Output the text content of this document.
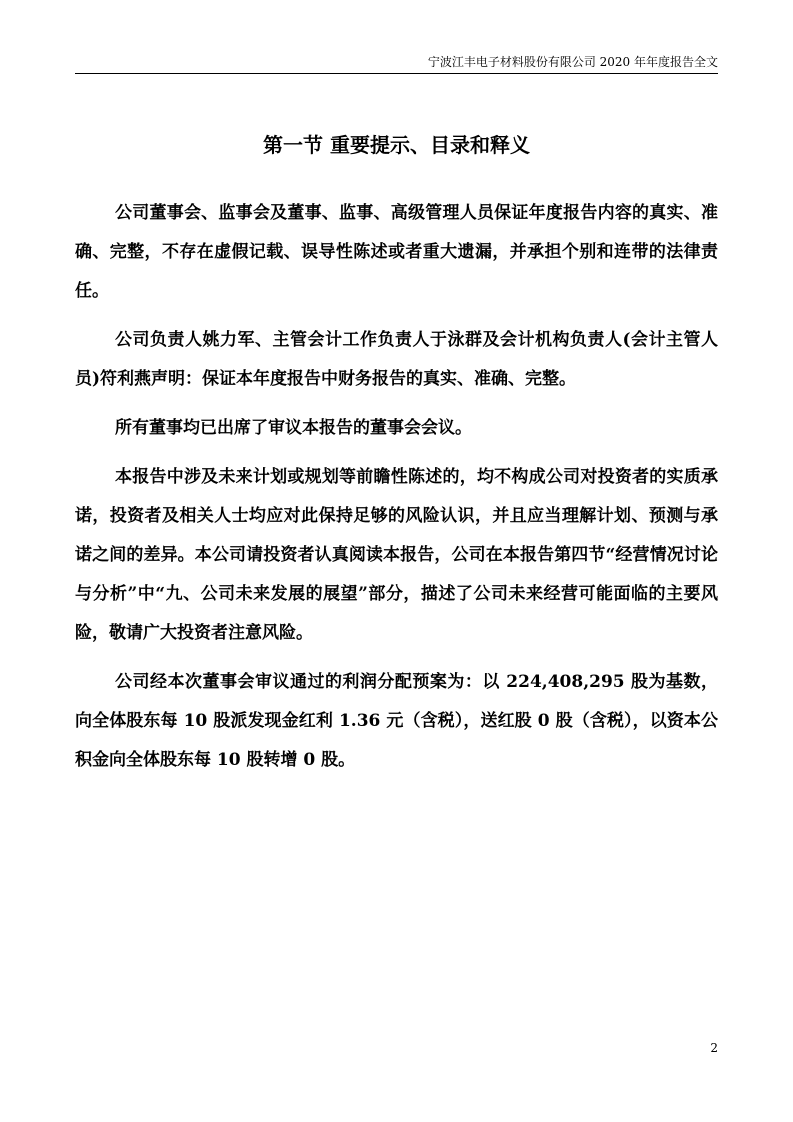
宁波江丰电子材料股份有限公司 2020 年年度报告全文
第一节 重要提示、目录和释义

公司董事会、监事会及董事、监事、高级管理人员保证年度报告内容的真实、准确、完整，不存在虚假记载、误导性陈述或者重大遗漏，并承担个别和连带的法律责任。

公司负责人姚力军、主管会计工作负责人于泳群及会计机构负责人(会计主管人员)符利燕声明：保证本年度报告中财务报告的真实、准确、完整。

所有董事均已出席了审议本报告的董事会会议。

本报告中涉及未来计划或规划等前瞻性陈述的，均不构成公司对投资者的实质承诺，投资者及相关人士均应对此保持足够的风险认识，并且应当理解计划、预测与承诺之间的差异。本公司请投资者认真阅读本报告，公司在本报告第四节“经营情况讨论与分析”中“九、公司未来发展的展望”部分，描述了公司未来经营可能面临的主要风险，敬请广大投资者注意风险。

公司经本次董事会审议通过的利润分配预案为：以 224,408,295 股为基数，向全体股东每 10 股派发现金红利 1.36 元（含税），送红股 0 股（含税），以资本公积金向全体股东每 10 股转增 0 股。

2
